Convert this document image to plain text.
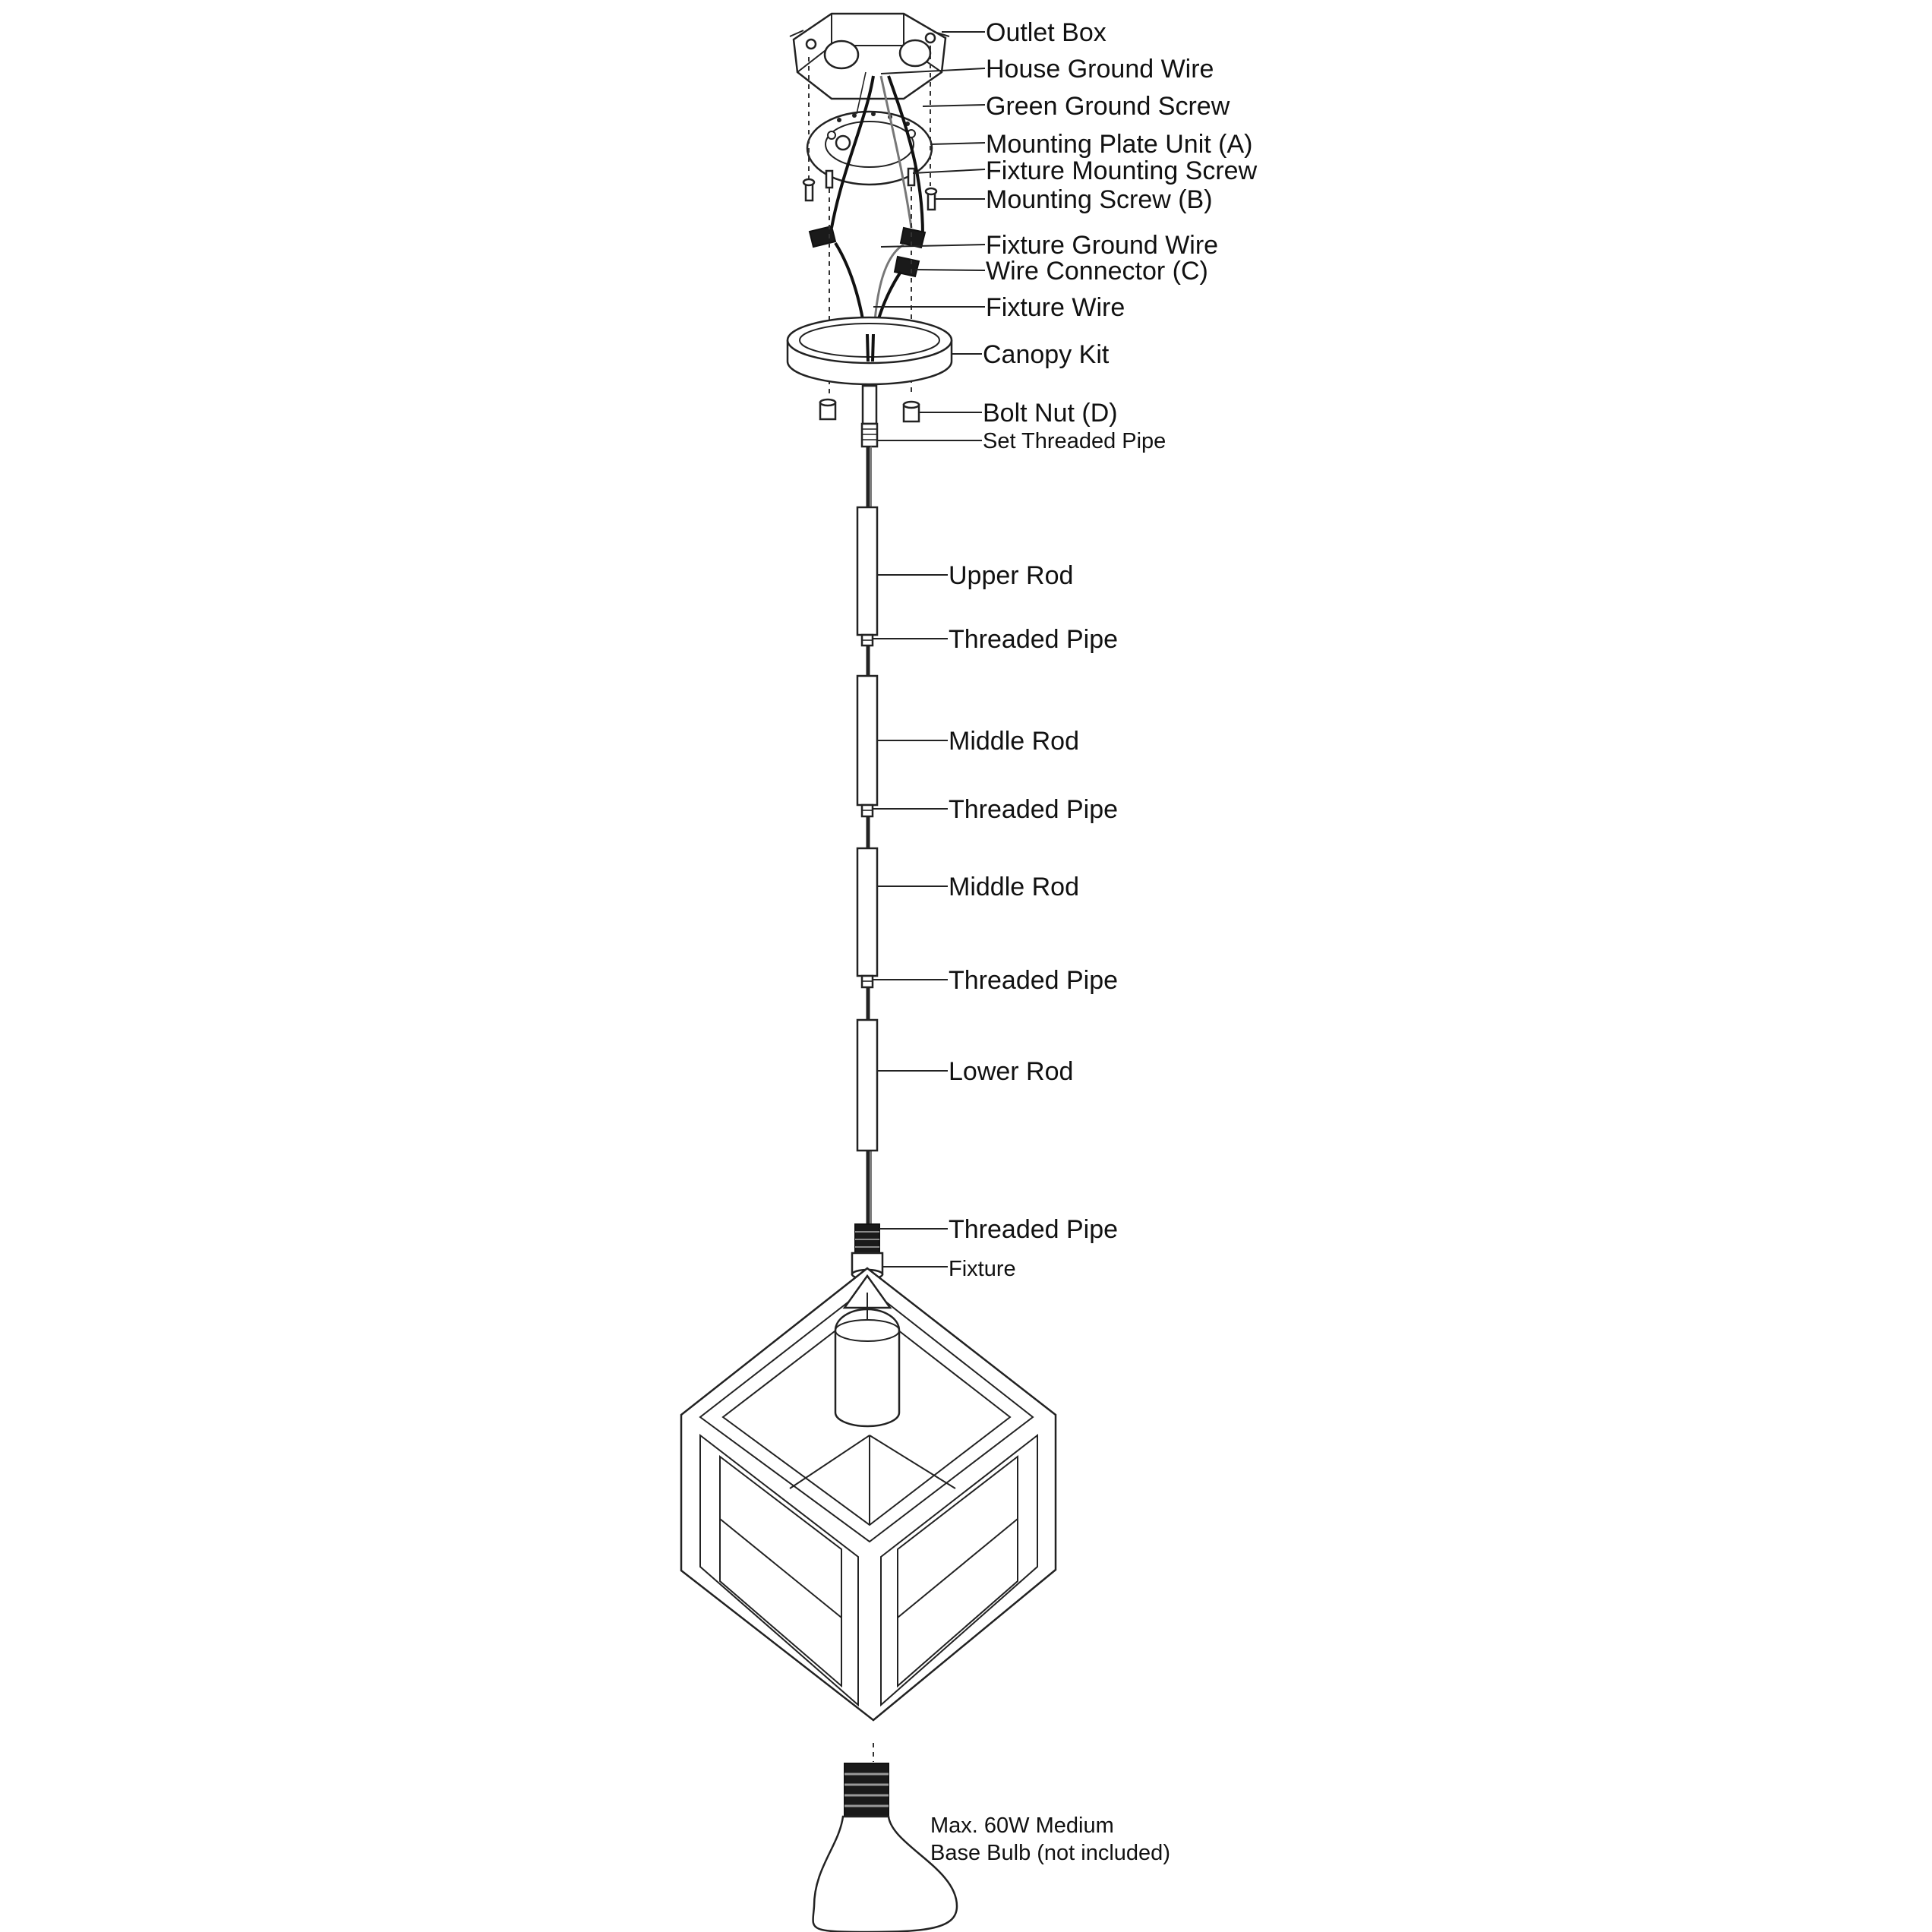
Outlet Box
House Ground Wire
Green Ground Screw
Mounting Plate Unit (A)
Fixture Mounting Screw
Mounting Screw (B)
Fixture Ground Wire
Wire Connector (C)
Fixture Wire
Canopy Kit
Bolt Nut (D)
Set Threaded Pipe
Upper Rod
Threaded Pipe
Middle Rod
Threaded Pipe
Middle Rod
Threaded Pipe
Lower Rod
Threaded Pipe
Fixture
Max. 60W Medium
Base Bulb (not included)
